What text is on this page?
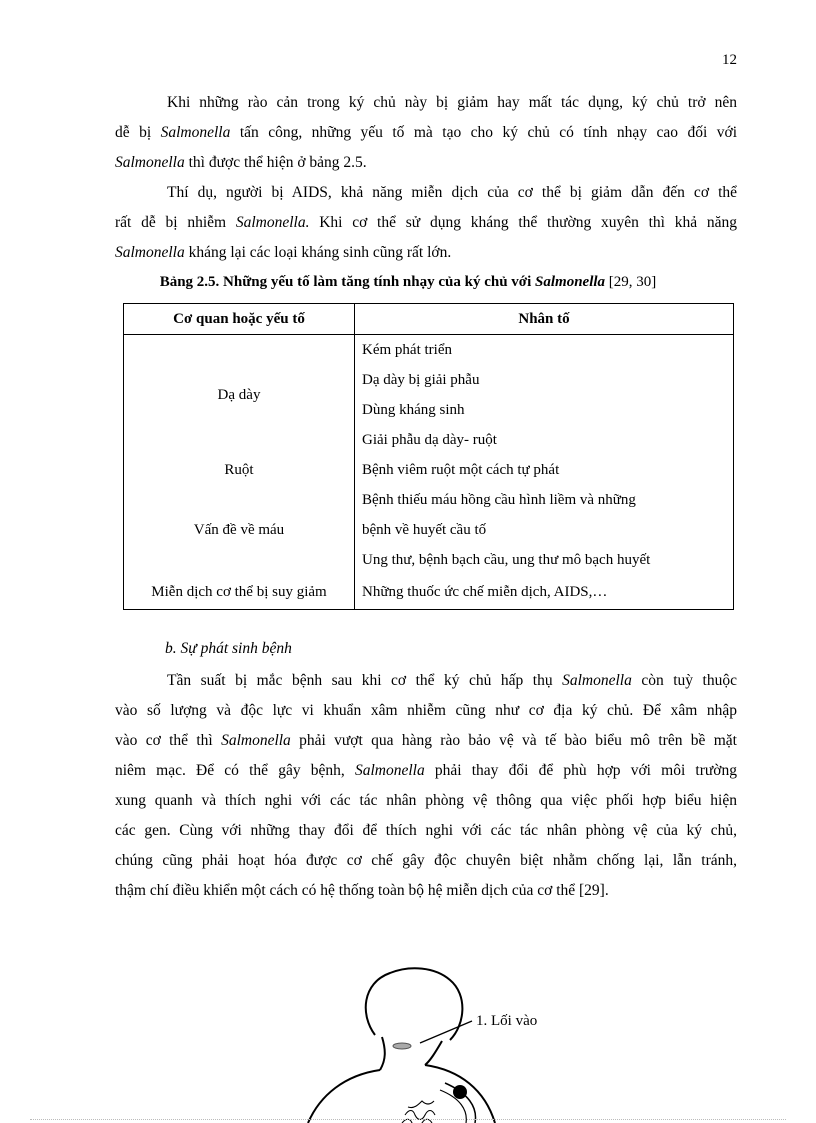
12
Khi những rào cản trong ký chủ này bị giảm hay mất tác dụng, ký chủ trở nên
dễ bị Salmonella tấn công, những yếu tố mà tạo cho ký chủ có tính nhạy cao đối với
Salmonella thì được thể hiện ở bảng 2.5.
Thí dụ, người bị AIDS, khả năng miễn dịch của cơ thể bị giảm dẫn đến cơ thể
rất dễ bị nhiễm Salmonella. Khi cơ thể sử dụng kháng thể thường xuyên thì khả năng
Salmonella kháng lại các loại kháng sinh cũng rất lớn.
Bảng 2.5. Những yếu tố làm tăng tính nhạy của ký chủ với Salmonella [29, 30]
Cơ quan hoặc yếu tố	Nhân tố
Dạ dày	Kém phát triển
Dạ dày bị giải phẫu
Dùng kháng sinh
Giải phẫu dạ dày- ruột

Ruột	Bệnh viêm ruột một cách tự phát

Vấn đề về máu	Bệnh thiếu máu hồng cầu hình liềm và những
bệnh về huyết cầu tố
Ung thư, bệnh bạch cầu, ung thư mô bạch huyết

Miễn dịch cơ thể bị suy giảm	Những thuốc ức chế miễn dịch, AIDS,…
b. Sự phát sinh bệnh
Tần suất bị mắc bệnh sau khi cơ thể ký chủ hấp thụ Salmonella còn tuỳ thuộc
vào số lượng và độc lực vi khuẩn xâm nhiễm cũng như cơ địa ký chủ. Để xâm nhập
vào cơ thể thì Salmonella phải vượt qua hàng rào bảo vệ và tế bào biểu mô trên bề mặt
niêm mạc. Để có thể gây bệnh, Salmonella phải thay đổi để phù hợp với môi trường
xung quanh và thích nghi với các tác nhân phòng vệ thông qua việc phối hợp biểu hiện
các gen. Cùng với những thay đổi để thích nghi với các tác nhân phòng vệ của ký chủ,
chúng cũng phải hoạt hóa được cơ chế gây độc chuyên biệt nhằm chống lại, lẫn tránh,
thậm chí điều khiển một cách có hệ thống toàn bộ hệ miễn dịch của cơ thể [29].
1. Lối vào
